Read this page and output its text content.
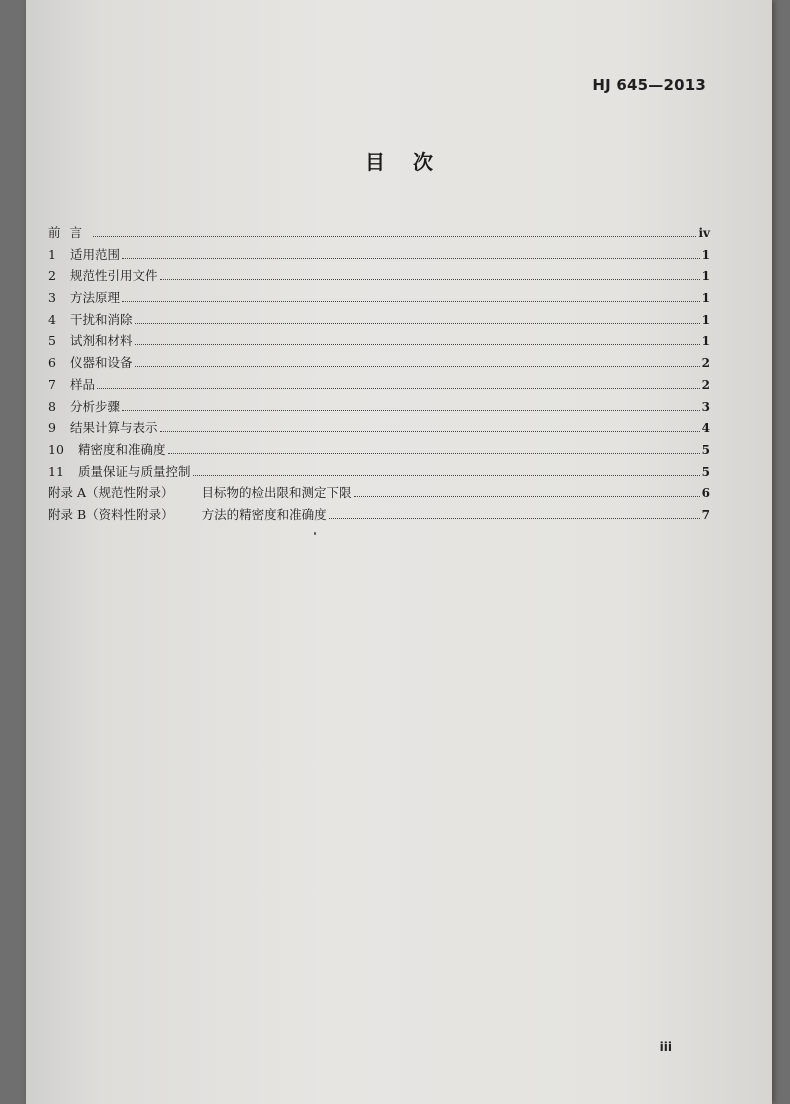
HJ 645—2013
目次
前言	iv
1	适用范围	1
2	规范性引用文件	1
3	方法原理	1
4	干扰和消除	1
5	试剂和材料	1
6	仪器和设备	2
7	样品	2
8	分析步骤	3
9	结果计算与表示	4
10	精密度和准确度	5
11	质量保证与质量控制	5
附录 A（规范性附录） 目标物的检出限和测定下限	6
附录 B（资料性附录） 方法的精密度和准确度	7
iii
